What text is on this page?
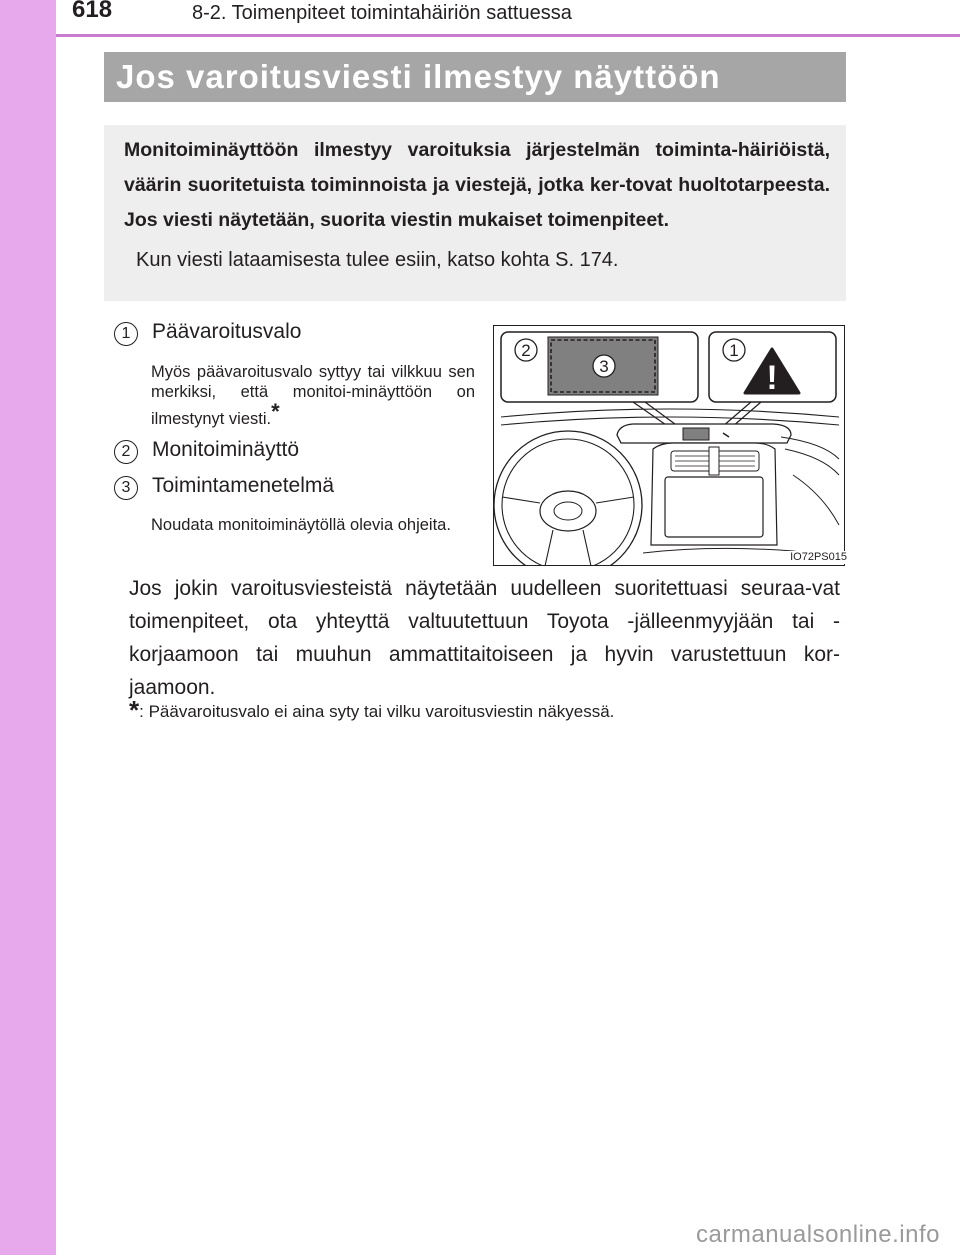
618	8-2. Toimenpiteet toimintahäiriön sattuessa
Jos varoitusviesti ilmestyy näyttöön
Monitoiminäyttöön ilmestyy varoituksia järjestelmän toiminta-häiriöistä, väärin suoritetuista toiminnoista ja viestejä, jotka ker-tovat huoltotarpeesta. Jos viesti näytetään, suorita viestin mukaiset toimenpiteet.
Kun viesti lataamisesta tulee esiin, katso kohta S. 174.
1	Päävaroitusvalo
Myös päävaroitusvalo syttyy tai vilkkuu sen merkiksi, että monitoi-minäyttöön on ilmestynyt viesti.*
2	Monitoiminäyttö
3	Toimintamenetelmä
Noudata monitoiminäytöllä olevia ohjeita.
!
2
3
1
IO72PS015
Jos jokin varoitusviesteistä näytetään uudelleen suoritettuasi seuraa-vat toimenpiteet, ota yhteyttä valtuutettuun Toyota -jälleenmyyjään tai -korjaamoon tai muuhun ammattitaitoiseen ja hyvin varustettuun kor-jaamoon.
*: Päävaroitusvalo ei aina syty tai vilku varoitusviestin näkyessä.
carmanualsonline.info
